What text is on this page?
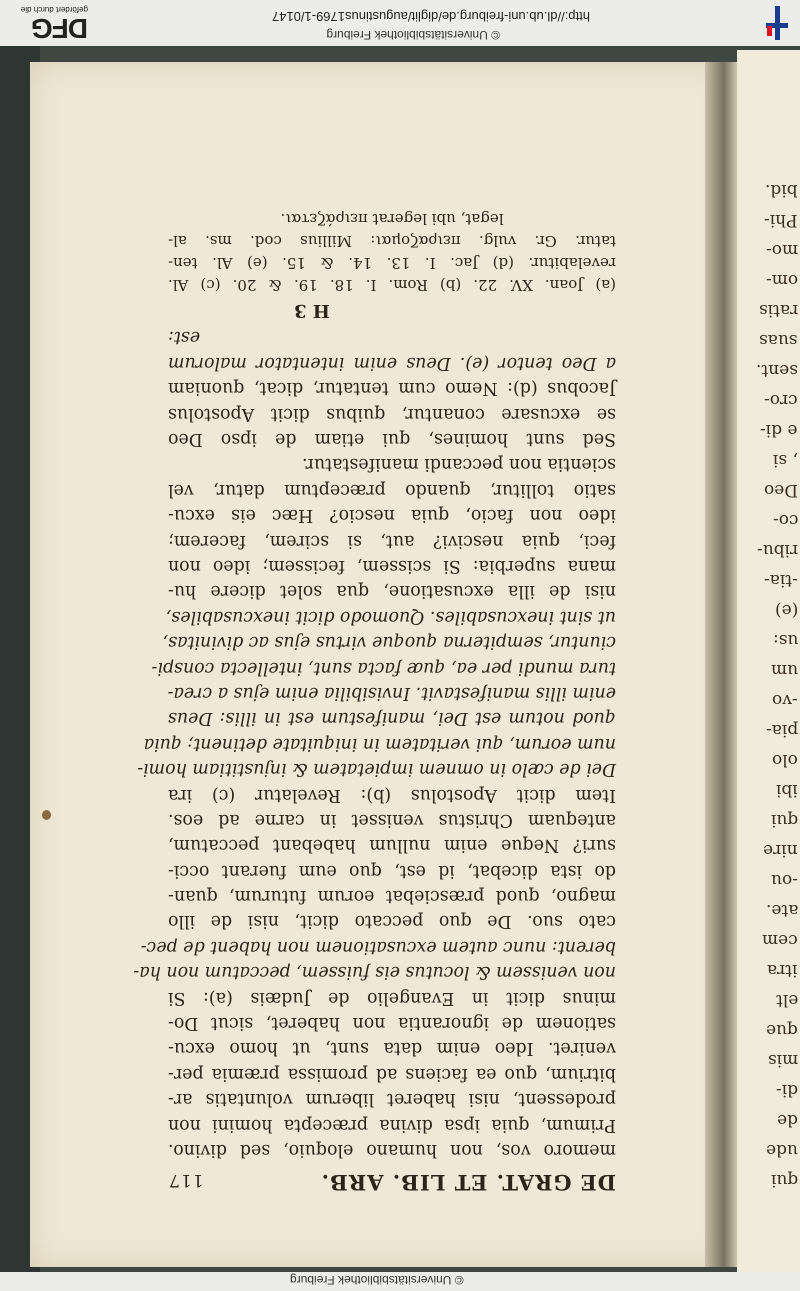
http://dl.ub.uni-freiburg.de/diglit/augustinus1769-1/0147
© Universitätsbibliothek Freiburg
DFG
gefördert durch die
bid.
Phi-
mo-
om-
ratis
suas
sent.
cro-
e di-
, si
Deo
co-
ribu-
-tia-
(e)
us:
um
-vo
pia-
olo
ibi
qui
nire
-ou
ate.
cem
itra
elt
que
mis
di-
de
ude
qui
DE GRAT. ET LIB. ARB.
117
memoro vos, non humano eloquio, sed divino.
Primum, quia ipsa divina præcepta homini non
prodessent, nisi haberet liberum voluntatis ar-
bitrium, quo ea faciens ad promissa præmia per-
veniret. Ideo enim data sunt, ut homo excu-
sationem de ignorantia non haberet, sicut Do-
minus dicit in Evangelio de Judæis (a): Si
non venissem & locutus eis fuissem, peccatum non ha-
berent: nunc autem excusationem non habent de pec-
cato suo. De quo peccato dicit, nisi de illo
magno, quod præsciebat eorum futurum, quan-
do ista dicebat, id est, quo eum fuerant occi-
suri? Neque enim nullum habebant peccatum,
antequam Christus venisset in carne ad eos.
Item dicit Apostolus (b): Revelatur (c) ira
Dei de cælo in omnem impietatem & injustitiam homi-
num eorum, qui veritatem in iniquitate detinent; quia
quod notum est Dei, manifestum est in illis: Deus
enim illis manifestavit. Invisibilia enim ejus a crea-
tura mundi per ea, quæ facta sunt, intellecta conspi-
ciuntur, sempiterna quoque virtus ejus ac divinitas,
ut sint inexcusabiles. Quomodo dicit inexcusabiles,
nisi de illa excusatione, qua solet dicere hu-
mana superbia: Si scissem, fecissem; ideo non
feci, quia nescivi? aut, si scirem, facerem;
ideo non facio, quia nescio? Hæc eis excu-
satio tollitur, quando præceptum datur, vel
scientia non peccandi manifestatur.
Sed sunt homines, qui etiam de ipso Deo
se excusare conantur, quibus dicit Apostolus
Jacobus (d): Nemo cum tentatur, dicat, quoniam
a Deo tentor (e). Deus enim intentator malorum
est:
H 3
(a) Joan. XV. 22. (b) Rom. I. 18. 19. & 20. (c) Al.
revelabitur. (d) Jac. I. 13. 14. & 15. (e) Al. ten-
tatur. Gr. vulg. πειραζομαι: Millius cod. ms. al-
legat, ubi legerat πειράζεται.
© Universitätsbibliothek Freiburg
